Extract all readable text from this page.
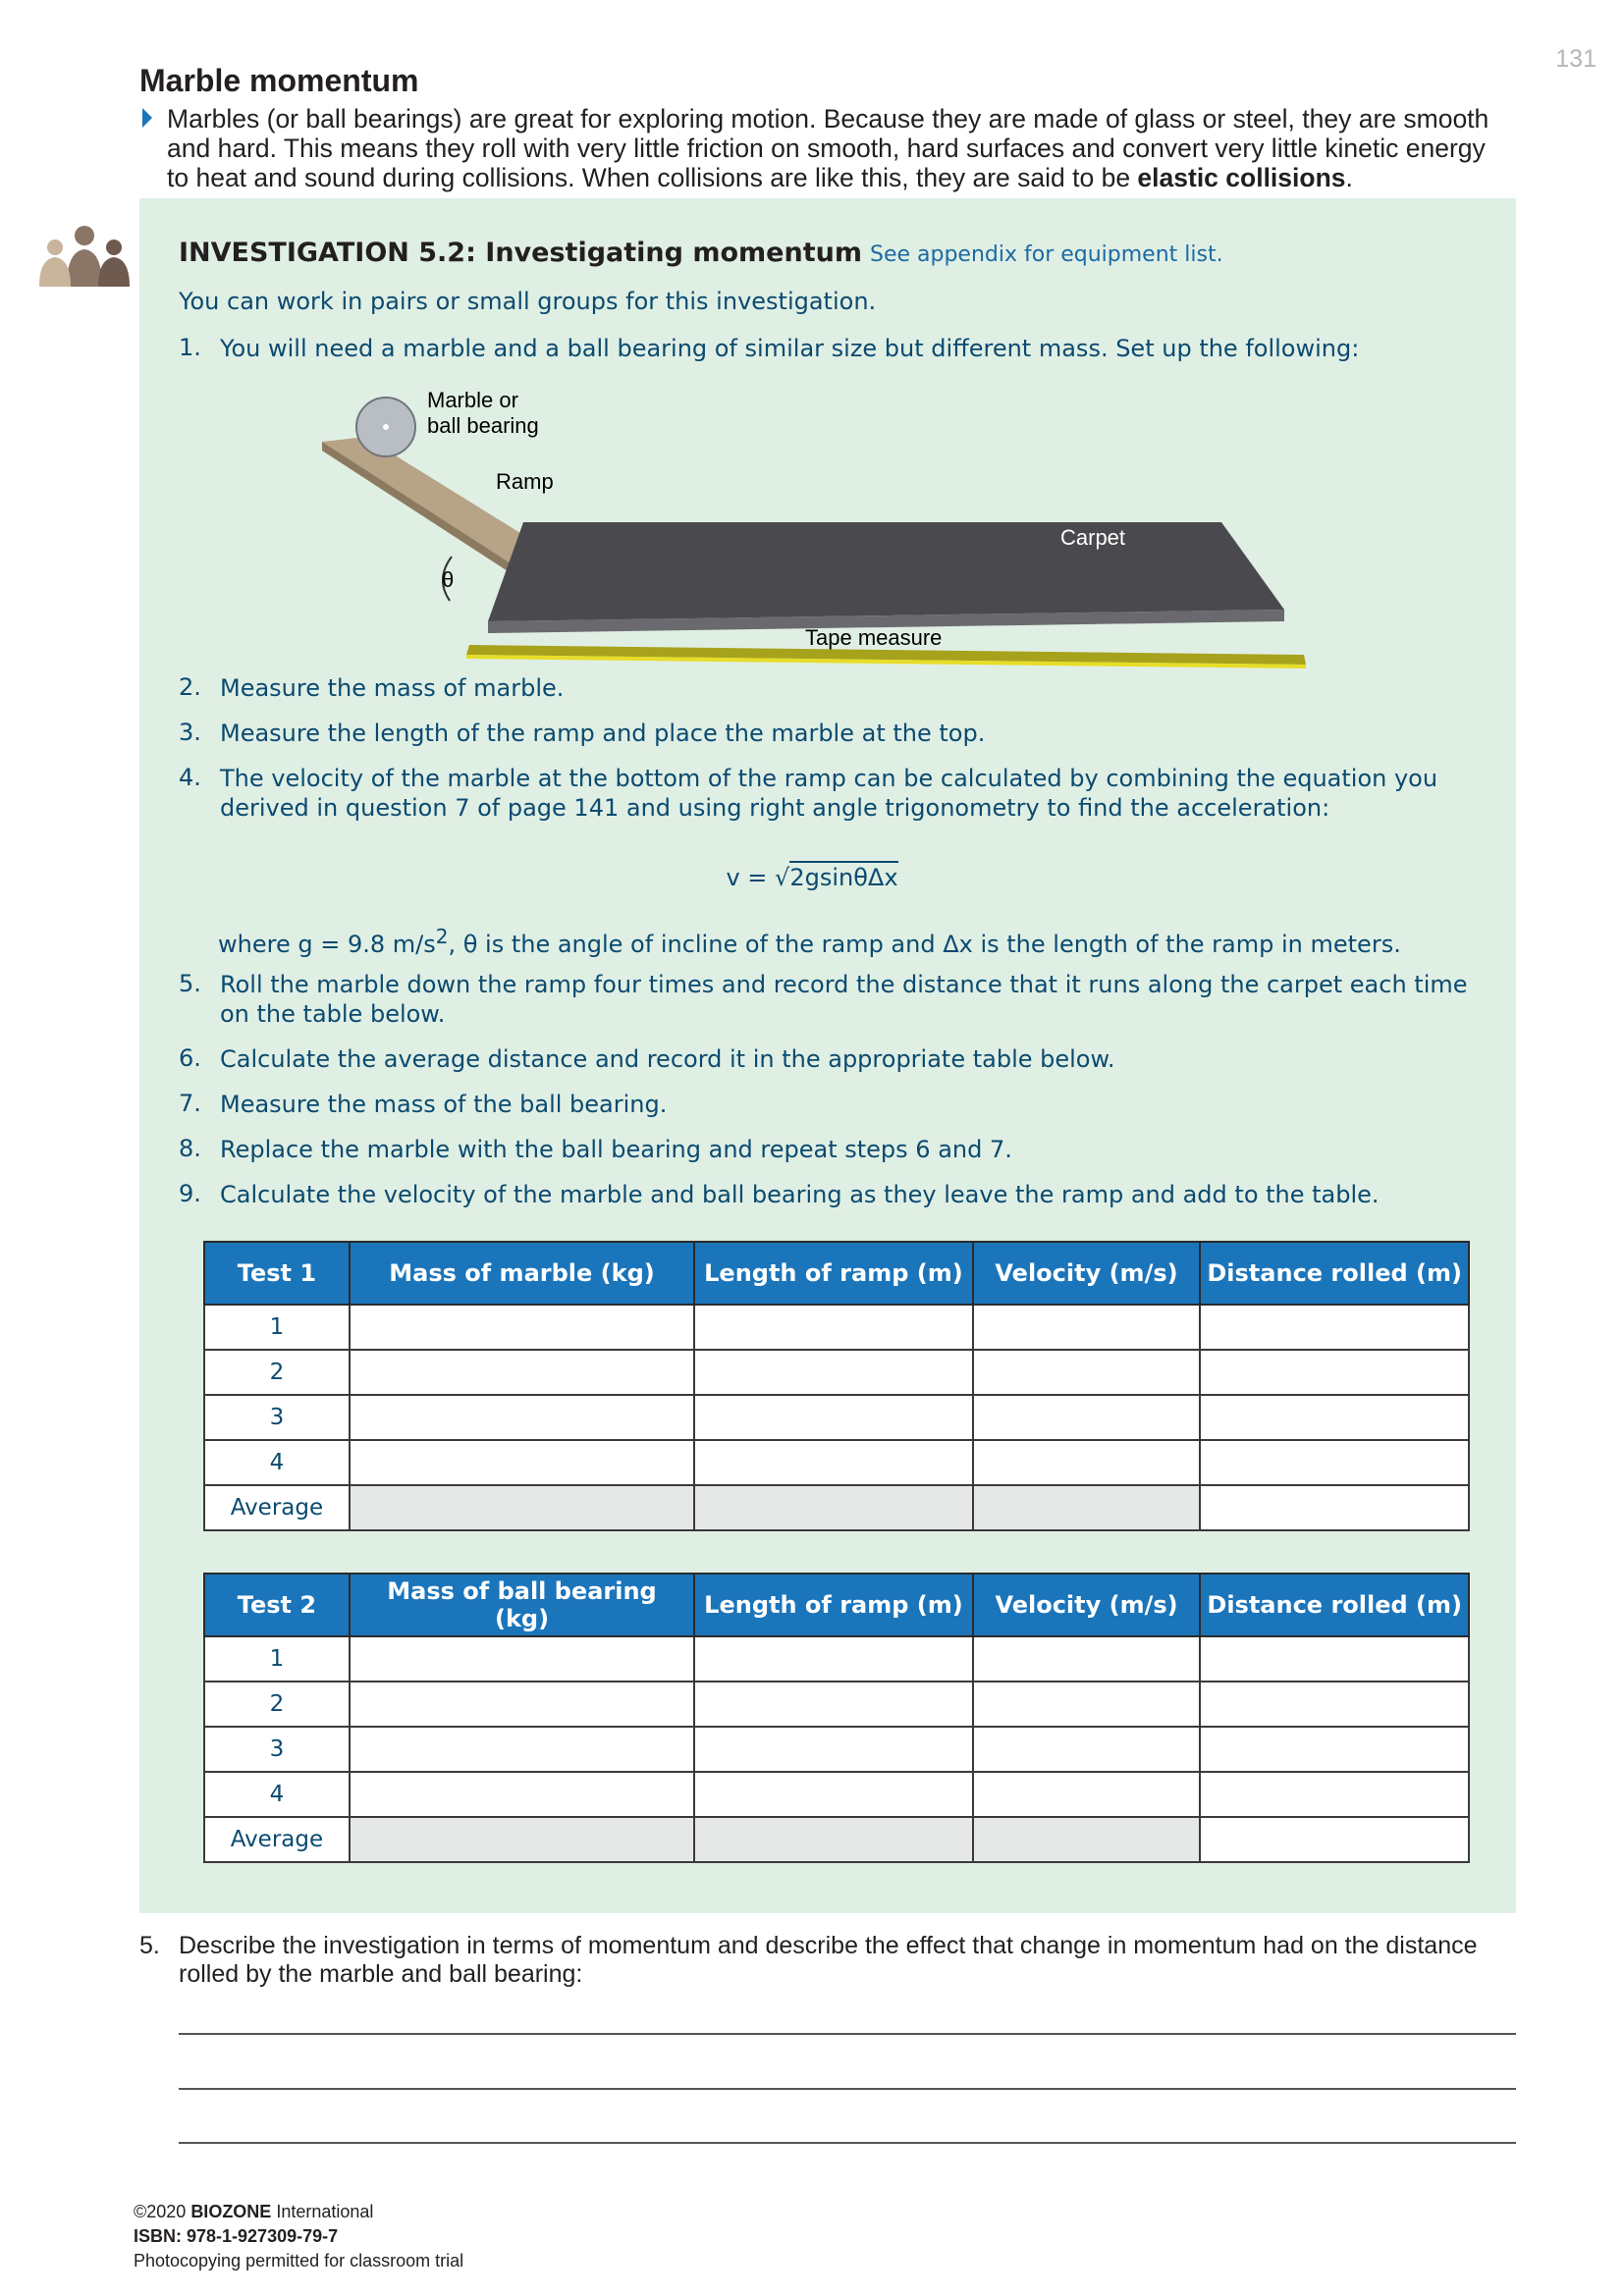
131
Marble momentum
Marbles (or ball bearings) are great for exploring motion. Because they are made of glass or steel, they are smooth and hard. This means they roll with very little friction on smooth, hard surfaces and convert very little kinetic energy to heat and sound during collisions. When collisions are like this, they are said to be elastic collisions.
INVESTIGATION 5.2: Investigating momentum See appendix for equipment list.
You can work in pairs or small groups for this investigation.
1. You will need a marble and a ball bearing of similar size but different mass. Set up the following:
Marble or
ball bearing
Ramp
Carpet
θ
Tape measure
2. Measure the mass of marble.
3. Measure the length of the ramp and place the marble at the top.
4. The velocity of the marble at the bottom of the ramp can be calculated by combining the equation you derived in question 7 of page 141 and using right angle trigonometry to find the acceleration:
v = √2gsinθΔx
where g = 9.8 $m/s^2$, θ is the angle of incline of the ramp and Δx is the length of the ramp in meters.
5. Roll the marble down the ramp four times and record the distance that it runs along the carpet each time on the table below.
6. Calculate the average distance and record it in the appropriate table below.
7. Measure the mass of the ball bearing.
8. Replace the marble with the ball bearing and repeat steps 6 and 7.
9. Calculate the velocity of the marble and ball bearing as they leave the ramp and add to the table.
Test 1	Mass of marble (kg)	Length of ramp (m)	Velocity (m/s)	Distance rolled (m)
1				
2				
3				
4				
Average				
Test 2	Mass of ball bearing (kg)	Length of ramp (m)	Velocity (m/s)	Distance rolled (m)
1				
2				
3				
4				
Average				
5. Describe the investigation in terms of momentum and describe the effect that change in momentum had on the distance rolled by the marble and ball bearing:
©2020 BIOZONE International
ISBN: 978-1-927309-79-7
Photocopying permitted for classroom trial
